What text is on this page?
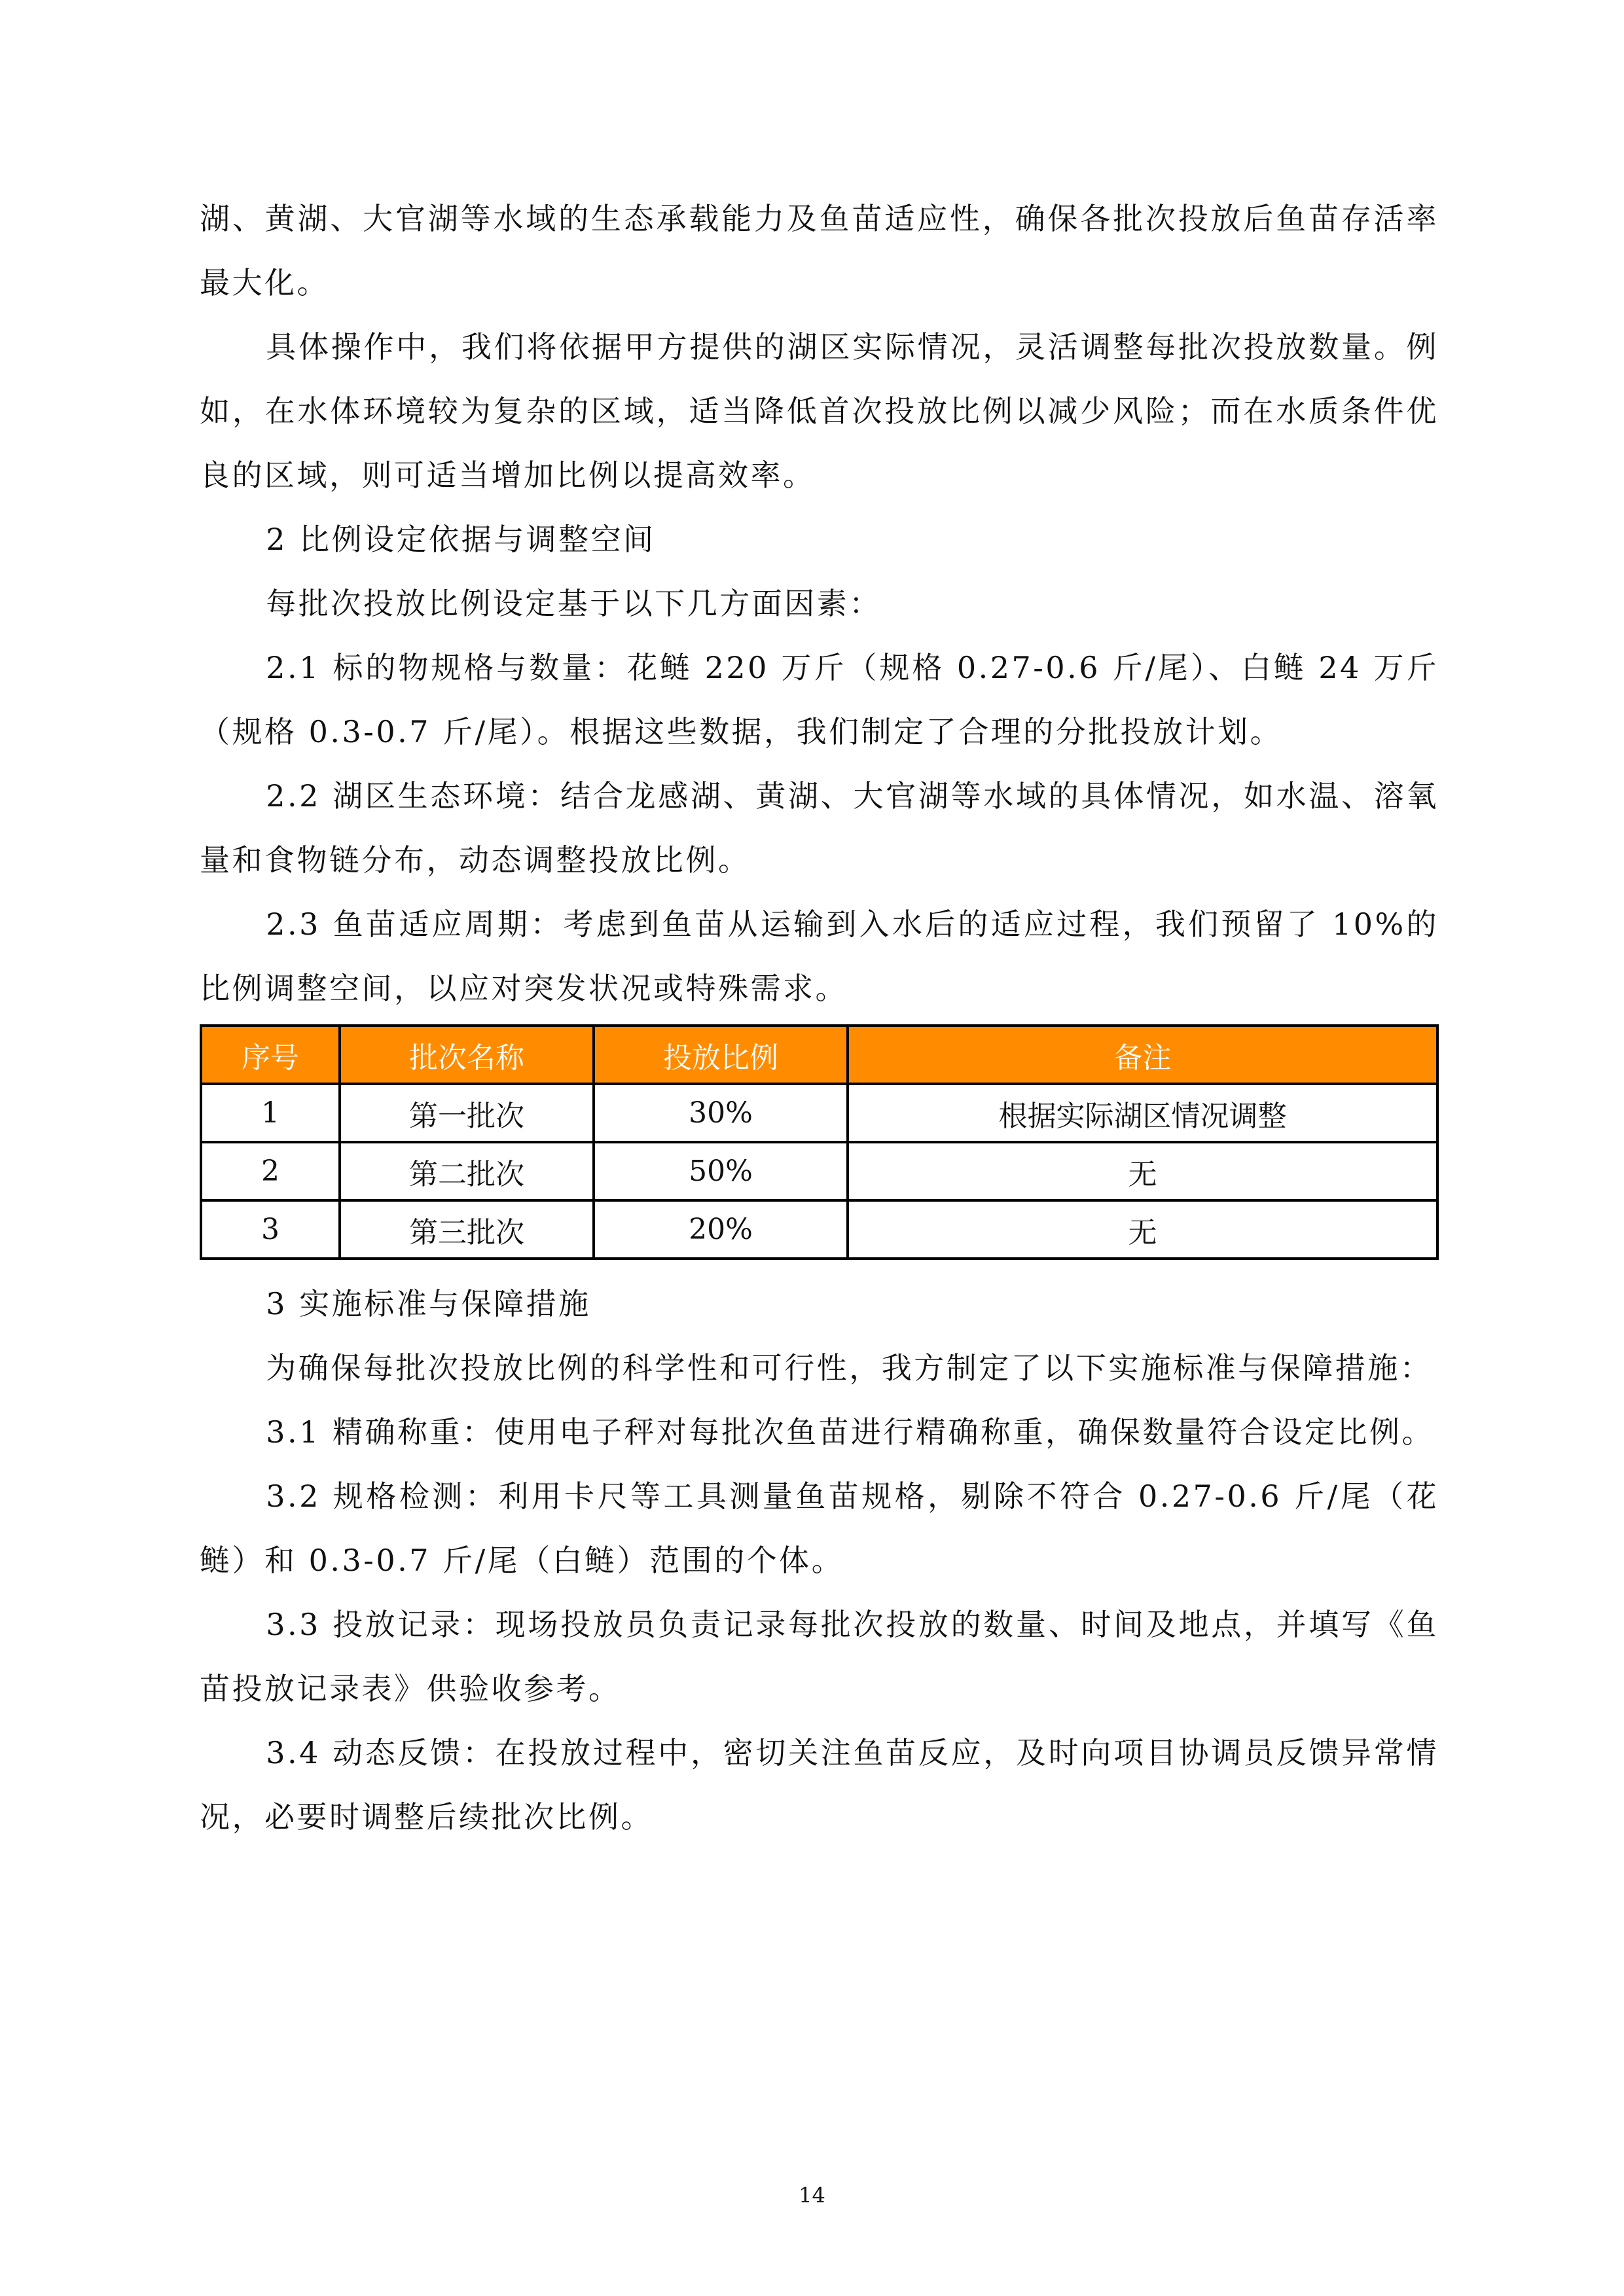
湖、黄湖、大官湖等水域的生态承载能力及鱼苗适应性，确保各批次投放后鱼苗存活率最大化。

具体操作中，我们将依据甲方提供的湖区实际情况，灵活调整每批次投放数量。例如，在水体环境较为复杂的区域，适当降低首次投放比例以减少风险；而在水质条件优良的区域，则可适当增加比例以提高效率。

2 比例设定依据与调整空间

每批次投放比例设定基于以下几方面因素：

2.1 标的物规格与数量：花鲢 220 万斤（规格 0.27-0.6 斤/尾）、白鲢 24 万斤（规格 0.3-0.7 斤/尾）。根据这些数据，我们制定了合理的分批投放计划。

2.2 湖区生态环境：结合龙感湖、黄湖、大官湖等水域的具体情况，如水温、溶氧量和食物链分布，动态调整投放比例。

2.3 鱼苗适应周期：考虑到鱼苗从运输到入水后的适应过程，我们预留了 10%的比例调整空间，以应对突发状况或特殊需求。

序号	批次名称	投放比例	备注
1	第一批次	30%	根据实际湖区情况调整
2	第二批次	50%	无
3	第三批次	20%	无

3 实施标准与保障措施

为确保每批次投放比例的科学性和可行性，我方制定了以下实施标准与保障措施：

3.1 精确称重：使用电子秤对每批次鱼苗进行精确称重，确保数量符合设定比例。

3.2 规格检测：利用卡尺等工具测量鱼苗规格，剔除不符合 0.27-0.6 斤/尾（花鲢）和 0.3-0.7 斤/尾（白鲢）范围的个体。

3.3 投放记录：现场投放员负责记录每批次投放的数量、时间及地点，并填写《鱼苗投放记录表》供验收参考。

3.4 动态反馈：在投放过程中，密切关注鱼苗反应，及时向项目协调员反馈异常情况，必要时调整后续批次比例。

14
